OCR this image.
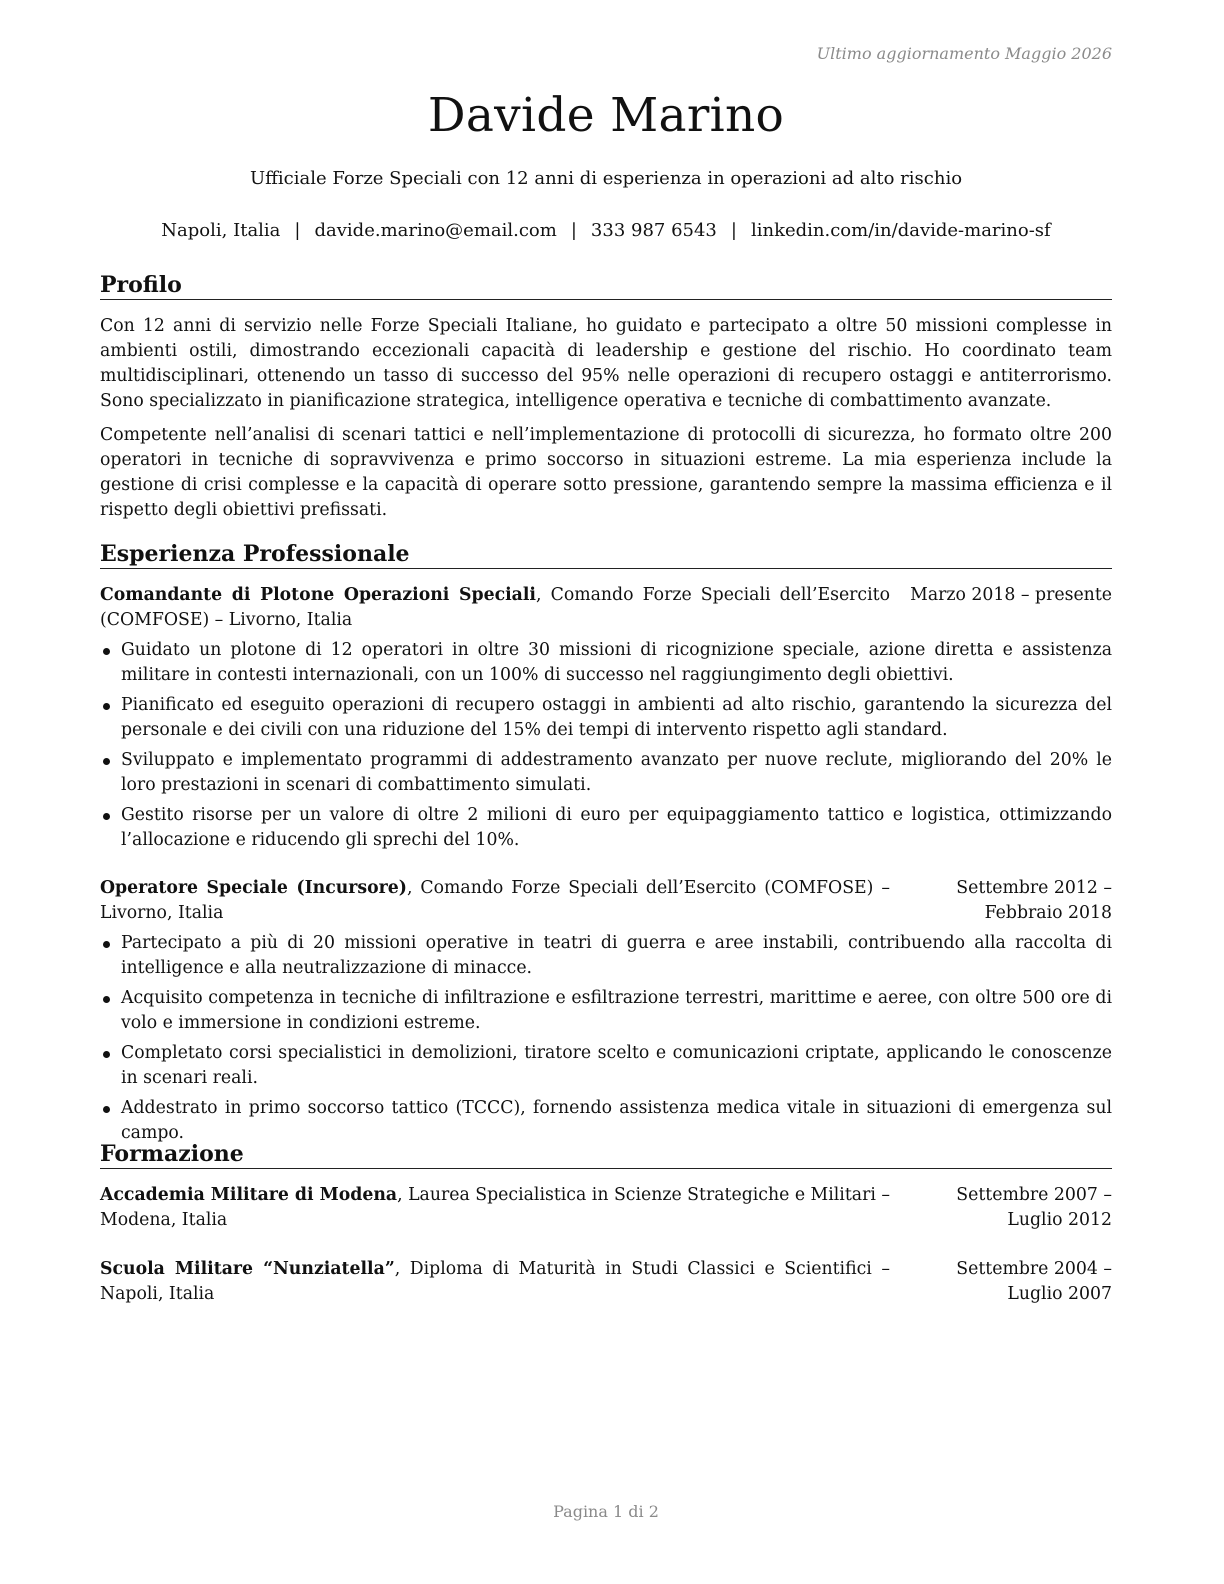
Ultimo aggiornamento Maggio 2026
Davide Marino
Ufficiale Forze Speciali con 12 anni di esperienza in operazioni ad alto rischio
Napoli, Italia | davide.marino@email.com | 333 987 6543 | linkedin.com/in/davide-marino-sf
Profilo
Con 12 anni di servizio nelle Forze Speciali Italiane, ho guidato e partecipato a oltre 50 missioni complesse in ambienti ostili, dimostrando eccezionali capacità di leadership e gestione del rischio. Ho coordinato team multidisciplinari, ottenendo un tasso di successo del 95% nelle operazioni di recupero ostaggi e antiterrorismo. Sono specializzato in pianificazione strategica, intelligence operativa e tecniche di combattimento avanzate.
Competente nell’analisi di scenari tattici e nell’implementazione di protocolli di sicurezza, ho formato oltre 200 operatori in tecniche di sopravvivenza e primo soccorso in situazioni estreme. La mia esperienza include la gestione di crisi complesse e la capacità di operare sotto pressione, garantendo sempre la massima efficienza e il rispetto degli obiettivi prefissati.
Esperienza Professionale
Comandante di Plotone Operazioni Speciali, Comando Forze Speciali dell’Esercito (COMFOSE) – Livorno, Italia
Marzo 2018 – presente
Guidato un plotone di 12 operatori in oltre 30 missioni di ricognizione speciale, azione diretta e assistenza militare in contesti internazionali, con un 100% di successo nel raggiungimento degli obiettivi.
Pianificato ed eseguito operazioni di recupero ostaggi in ambienti ad alto rischio, garantendo la sicurezza del personale e dei civili con una riduzione del 15% dei tempi di intervento rispetto agli standard.
Sviluppato e implementato programmi di addestramento avanzato per nuove reclute, migliorando del 20% le loro prestazioni in scenari di combattimento simulati.
Gestito risorse per un valore di oltre 2 milioni di euro per equipaggiamento tattico e logistica, ottimizzando l’allocazione e riducendo gli sprechi del 10%.
Operatore Speciale (Incursore), Comando Forze Speciali dell’Esercito (COMFOSE) – Livorno, Italia
Settembre 2012 – Febbraio 2018
Partecipato a più di 20 missioni operative in teatri di guerra e aree instabili, contribuendo alla raccolta di intelligence e alla neutralizzazione di minacce.
Acquisito competenza in tecniche di infiltrazione e esfiltrazione terrestri, marittime e aeree, con oltre 500 ore di volo e immersione in condizioni estreme.
Completato corsi specialistici in demolizioni, tiratore scelto e comunicazioni criptate, applicando le conoscenze in scenari reali.
Addestrato in primo soccorso tattico (TCCC), fornendo assistenza medica vitale in situazioni di emergenza sul campo.
Formazione
Accademia Militare di Modena, Laurea Specialistica in Scienze Strategiche e Militari – Modena, Italia
Settembre 2007 – Luglio 2012
Scuola Militare “Nunziatella”, Diploma di Maturità in Studi Classici e Scientifici – Napoli, Italia
Settembre 2004 – Luglio 2007
Pagina 1 di 2
